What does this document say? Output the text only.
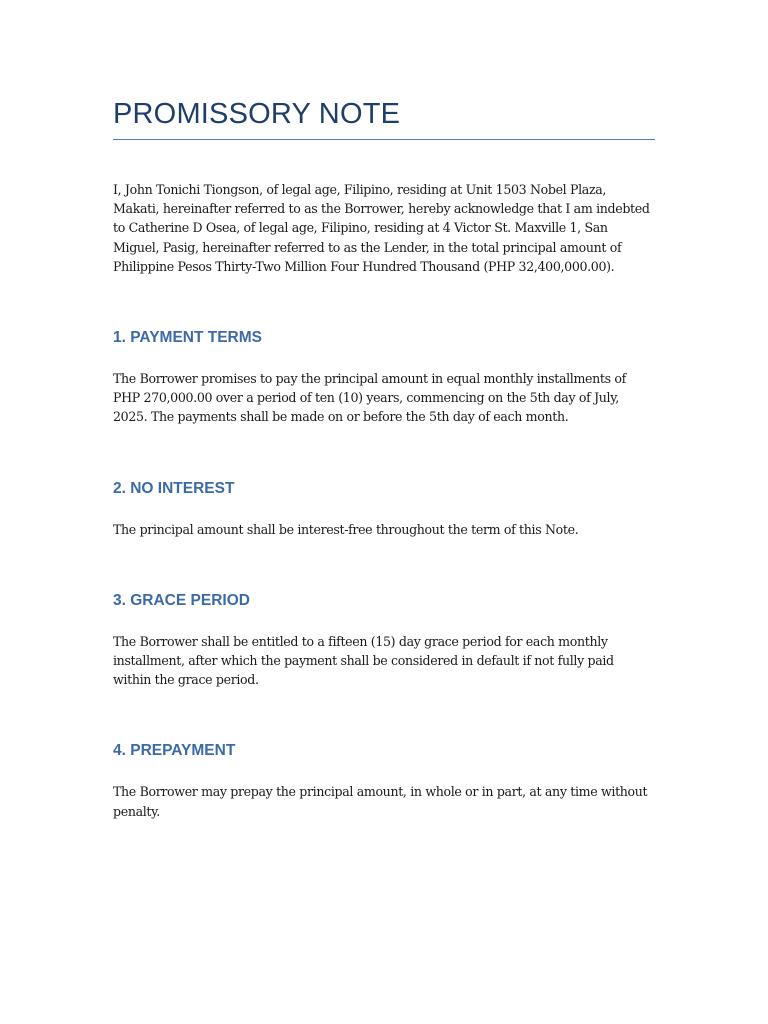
PROMISSORY NOTE

I, John Tonichi Tiongson, of legal age, Filipino, residing at Unit 1503 Nobel Plaza, Makati, hereinafter referred to as the Borrower, hereby acknowledge that I am indebted to Catherine D Osea, of legal age, Filipino, residing at 4 Victor St. Maxville 1, San Miguel, Pasig, hereinafter referred to as the Lender, in the total principal amount of Philippine Pesos Thirty-Two Million Four Hundred Thousand (PHP 32,400,000.00).

1. PAYMENT TERMS

The Borrower promises to pay the principal amount in equal monthly installments of PHP 270,000.00 over a period of ten (10) years, commencing on the 5th day of July, 2025. The payments shall be made on or before the 5th day of each month.

2. NO INTEREST

The principal amount shall be interest-free throughout the term of this Note.

3. GRACE PERIOD

The Borrower shall be entitled to a fifteen (15) day grace period for each monthly installment, after which the payment shall be considered in default if not fully paid within the grace period.

4. PREPAYMENT

The Borrower may prepay the principal amount, in whole or in part, at any time without penalty.
